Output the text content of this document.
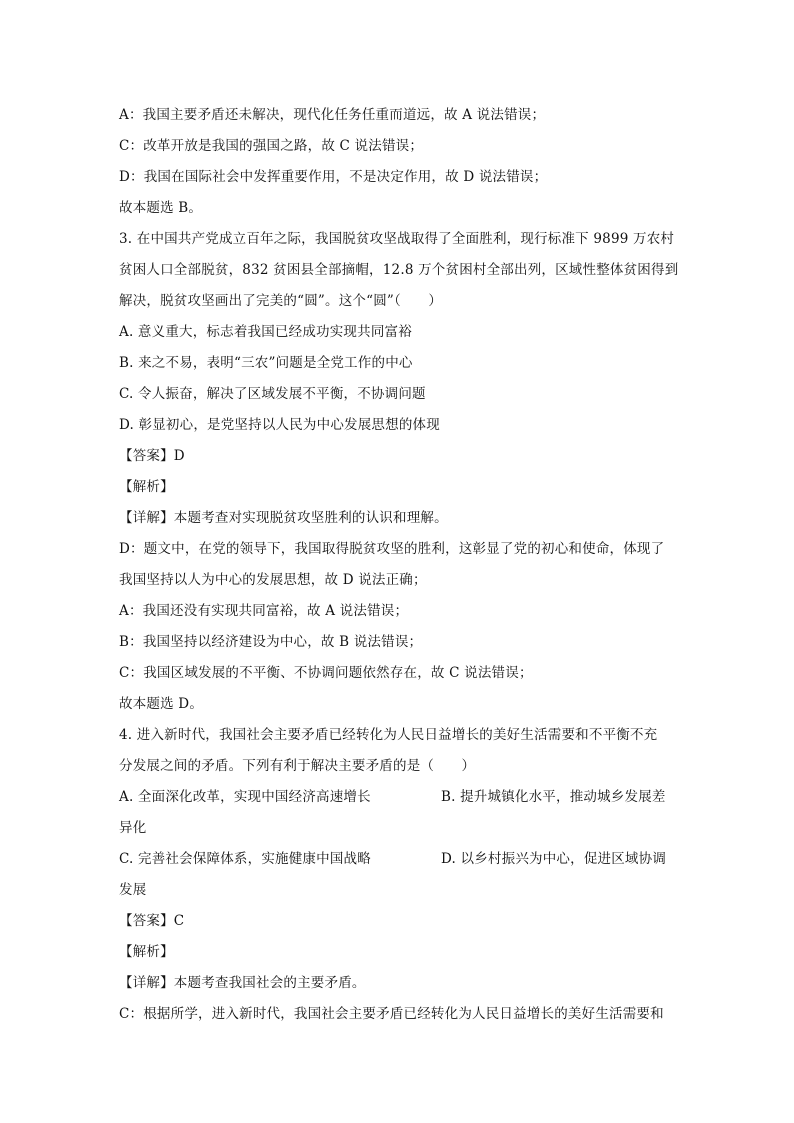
A：我国主要矛盾还未解决，现代化任务任重而道远，故 A 说法错误；
C：改革开放是我国的强国之路，故 C 说法错误；
D：我国在国际社会中发挥重要作用，不是决定作用，故 D 说法错误；
故本题选 B。
3. 在中国共产党成立百年之际，我国脱贫攻坚战取得了全面胜利，现行标准下 9899 万农村
贫困人口全部脱贫，832 贫困县全部摘帽，12.8 万个贫困村全部出列，区域性整体贫困得到
解决，脱贫攻坚画出了完美的“圆”。这个“圆”（　　）
A. 意义重大，标志着我国已经成功实现共同富裕
B. 来之不易，表明“三农”问题是全党工作的中心
C. 令人振奋，解决了区域发展不平衡，不协调问题
D. 彰显初心，是党坚持以人民为中心发展思想的体现
【答案】D
【解析】
【详解】本题考查对实现脱贫攻坚胜利的认识和理解。
D：题文中，在党的领导下，我国取得脱贫攻坚的胜利，这彰显了党的初心和使命，体现了
我国坚持以人为中心的发展思想，故 D 说法正确；
A：我国还没有实现共同富裕，故 A 说法错误；
B：我国坚持以经济建设为中心，故 B 说法错误；
C：我国区域发展的不平衡、不协调问题依然存在，故 C 说法错误；
故本题选 D。
4. 进入新时代，我国社会主要矛盾已经转化为人民日益增长的美好生活需要和不平衡不充
分发展之间的矛盾。下列有利于解决主要矛盾的是（　　）
A. 全面深化改革，实现中国经济高速增长	B. 提升城镇化水平，推动城乡发展差
异化
C. 完善社会保障体系，实施健康中国战略	D. 以乡村振兴为中心，促进区域协调
发展
【答案】C
【解析】
【详解】本题考查我国社会的主要矛盾。
C：根据所学，进入新时代，我国社会主要矛盾已经转化为人民日益增长的美好生活需要和
